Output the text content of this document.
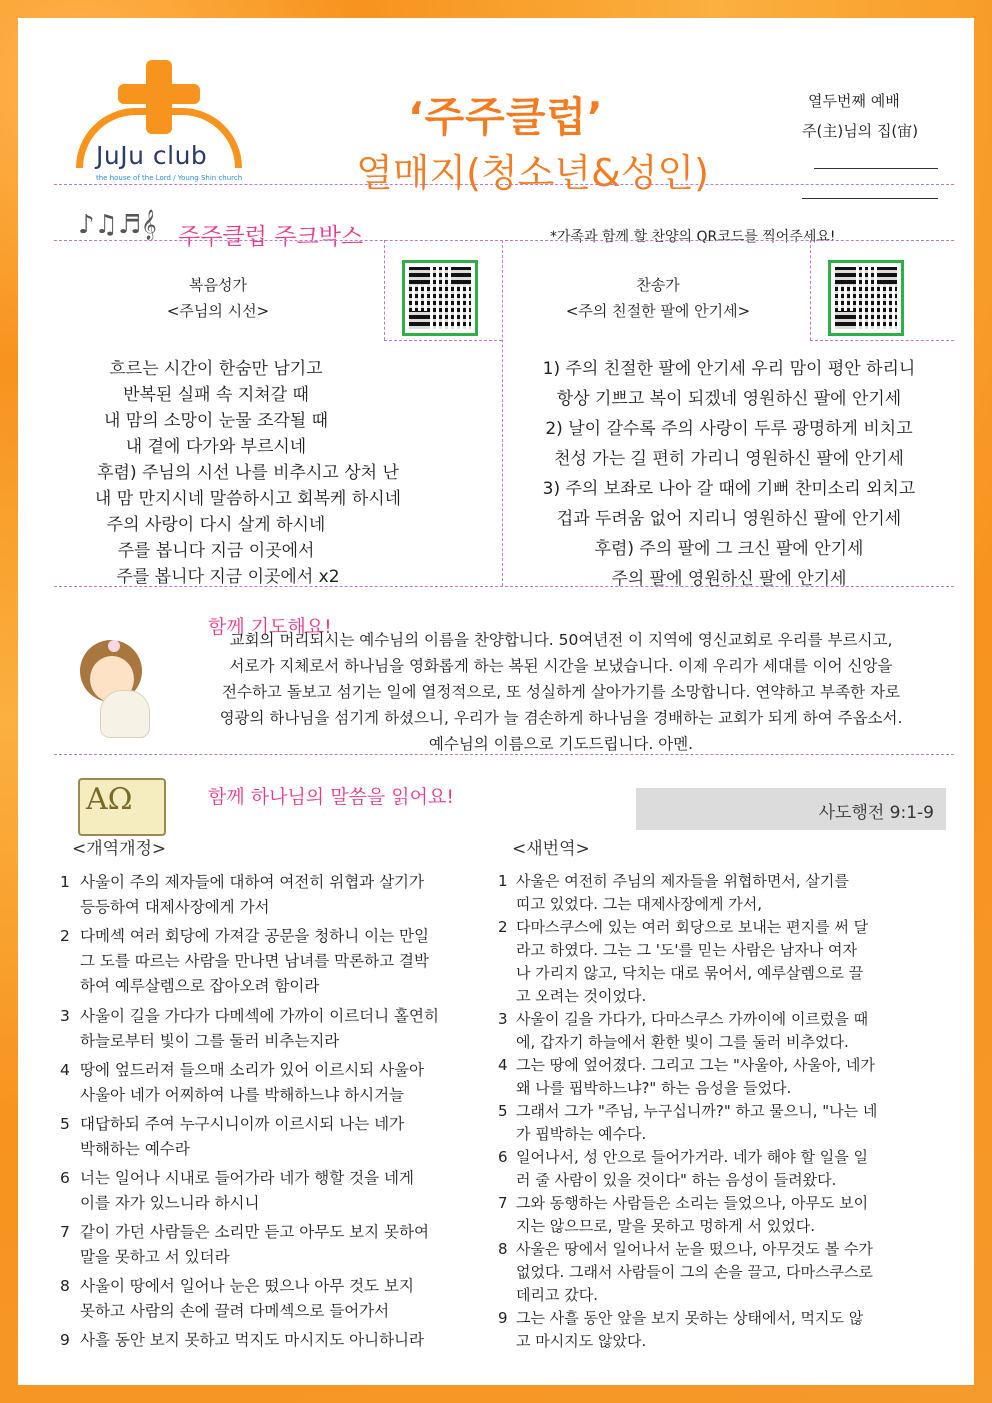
JuJu club
the house of the Lord / Young Shin church
‘주주클럽’
열매지(청소년&성인)
열두번째 예배
주(主)님의 집(宙)
♪♫♬𝄞 주주클럽 주크박스	*가족과 함께 할 찬양의 QR코드를 찍어주세요!
복음성가
<주님의 시선>
흐르는 시간이 한숨만 남기고
반복된 실패 속 지쳐갈 때
내 맘의 소망이 눈물 조각될 때
내 곁에 다가와 부르시네
후렴) 주님의 시선 나를 비추시고 상처 난
내 맘 만지시네 말씀하시고 회복케 하시네
주의 사랑이 다시 살게 하시네
주를 봅니다 지금 이곳에서
주를 봅니다 지금 이곳에서 x2
찬송가
<주의 친절한 팔에 안기세>
1) 주의 친절한 팔에 안기세 우리 맘이 평안 하리니
항상 기쁘고 복이 되겠네 영원하신 팔에 안기세
2) 날이 갈수록 주의 사랑이 두루 광명하게 비치고
천성 가는 길 편히 가리니 영원하신 팔에 안기세
3) 주의 보좌로 나아 갈 때에 기뻐 찬미소리 외치고
겁과 두려움 없어 지리니 영원하신 팔에 안기세
후렴) 주의 팔에 그 크신 팔에 안기세
주의 팔에 영원하신 팔에 안기세
함께 기도해요!
교회의 머리되시는 예수님의 이름을 찬양합니다. 50여년전 이 지역에 영신교회로 우리를 부르시고,
서로가 지체로서 하나님을 영화롭게 하는 복된 시간을 보냈습니다. 이제 우리가 세대를 이어 신앙을
전수하고 돌보고 섬기는 일에 열정적으로, 또 성실하게 살아가기를 소망합니다. 연약하고 부족한 자로
영광의 하나님을 섬기게 하셨으니, 우리가 늘 겸손하게 하나님을 경배하는 교회가 되게 하여 주옵소서.
예수님의 이름으로 기도드립니다. 아멘.
AΩ	함께 하나님의 말씀을 읽어요!
사도행전 9:1-9
<개역개정>	<새번역>
1 사울이 주의 제자들에 대하여 여전히 위협과 살기가
등등하여 대제사장에게 가서
2 다메섹 여러 회당에 가져갈 공문을 청하니 이는 만일
그 도를 따르는 사람을 만나면 남녀를 막론하고 결박
하여 예루살렘으로 잡아오려 함이라
3 사울이 길을 가다가 다메섹에 가까이 이르더니 홀연히
하늘로부터 빛이 그를 둘러 비추는지라
4 땅에 엎드러져 들으매 소리가 있어 이르시되 사울아
사울아 네가 어찌하여 나를 박해하느냐 하시거늘
5 대답하되 주여 누구시니이까 이르시되 나는 네가
박해하는 예수라
6 너는 일어나 시내로 들어가라 네가 행할 것을 네게
이를 자가 있느니라 하시니
7 같이 가던 사람들은 소리만 듣고 아무도 보지 못하여
말을 못하고 서 있더라
8 사울이 땅에서 일어나 눈은 떴으나 아무 것도 보지
못하고 사람의 손에 끌려 다메섹으로 들어가서
9 사흘 동안 보지 못하고 먹지도 마시지도 아니하니라
1 사울은 여전히 주님의 제자들을 위협하면서, 살기를
띠고 있었다. 그는 대제사장에게 가서,
2 다마스쿠스에 있는 여러 회당으로 보내는 편지를 써 달
라고 하였다. 그는 그 '도'를 믿는 사람은 남자나 여자
나 가리지 않고, 닥치는 대로 묶어서, 예루살렘으로 끌
고 오려는 것이었다.
3 사울이 길을 가다가, 다마스쿠스 가까이에 이르렀을 때
에, 갑자기 하늘에서 환한 빛이 그를 둘러 비추었다.
4 그는 땅에 엎어졌다. 그리고 그는 "사울아, 사울아, 네가
왜 나를 핍박하느냐?" 하는 음성을 들었다.
5 그래서 그가 "주님, 누구십니까?" 하고 물으니, "나는 네
가 핍박하는 예수다.
6 일어나서, 성 안으로 들어가거라. 네가 해야 할 일을 일
러 줄 사람이 있을 것이다" 하는 음성이 들려왔다.
7 그와 동행하는 사람들은 소리는 들었으나, 아무도 보이
지는 않으므로, 말을 못하고 멍하게 서 있었다.
8 사울은 땅에서 일어나서 눈을 떴으나, 아무것도 볼 수가
없었다. 그래서 사람들이 그의 손을 끌고, 다마스쿠스로
데리고 갔다.
9 그는 사흘 동안 앞을 보지 못하는 상태에서, 먹지도 않
고 마시지도 않았다.
